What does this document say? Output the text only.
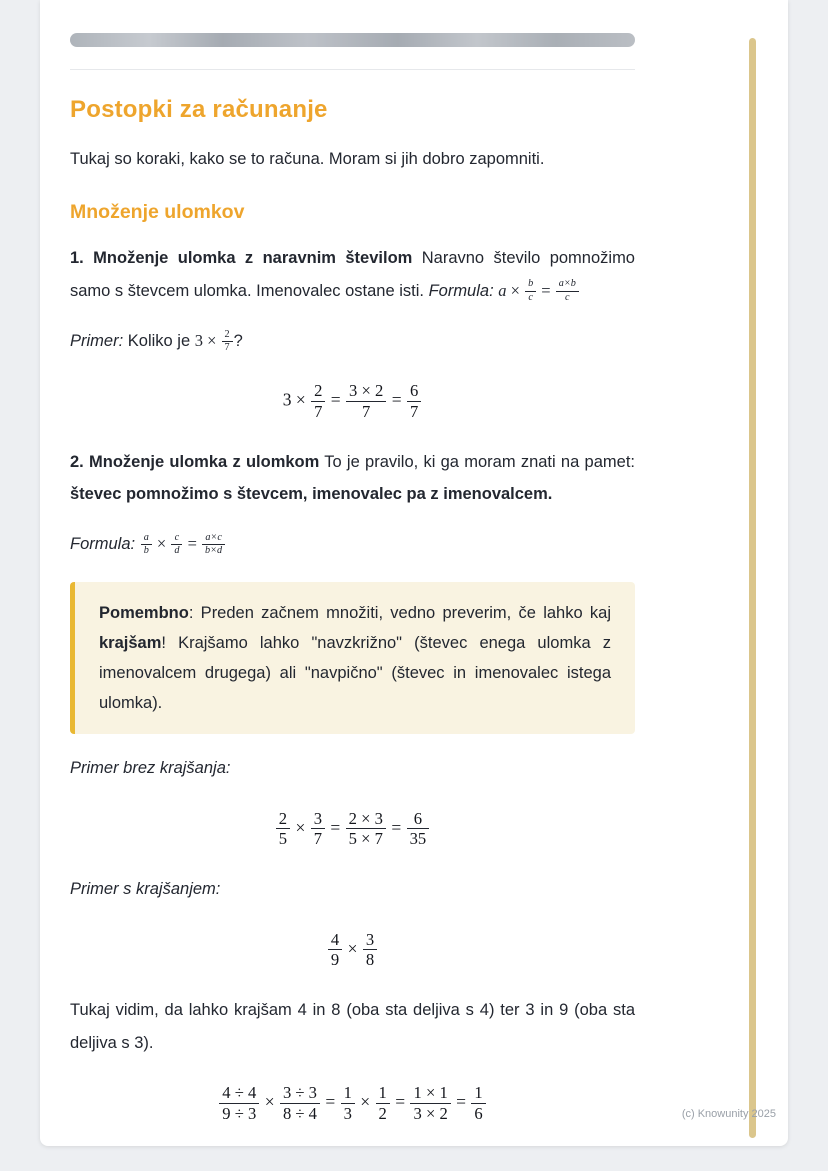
Postopki za računanje

Tukaj so koraki, kako se to računa. Moram si jih dobro zapomniti.

Množenje ulomkov

1. Množenje ulomka z naravnim številom Naravno število pomnožimo samo s števcem ulomka. Imenovalec ostane isti. Formula: $a \times \frac{b}{c} = \frac{a\times b}{c}$

Primer: Koliko je $3 \times \frac{2}{7}$ ?

$3 \times \frac{2}{7} = \frac{3 \times 2}{7} = \frac{6}{7}$

2. Množenje ulomka z ulomkom To je pravilo, ki ga moram znati na pamet: števec pomnožimo s števcem, imenovalec pa z imenovalcem.

Formula: $\frac{a}{b} \times \frac{c}{d} = \frac{a\times c}{b\times d}$

Pomembno: Preden začnem množiti, vedno preverim, če lahko kaj krajšam! Krajšamo lahko "navzkrižno" (števec enega ulomka z imenovalcem drugega) ali "navpično" (števec in imenovalec istega ulomka).

Primer brez krajšanja:

$\frac{2}{5} \times \frac{3}{7} = \frac{2 \times 3}{5 \times 7} = \frac{6}{35}$

Primer s krajšanjem:

$\frac{4}{9} \times \frac{3}{8}$

Tukaj vidim, da lahko krajšam 4 in 8 (oba sta deljiva s 4) ter 3 in 9 (oba sta deljiva s 3).

$\frac{4 \div 4}{9 \div 3} \times \frac{3 \div 3}{8 \div 4} = \frac{1}{3} \times \frac{1}{2} = \frac{1 \times 1}{3 \times 2} = \frac{1}{6}$	(c) Knowunity 2025
